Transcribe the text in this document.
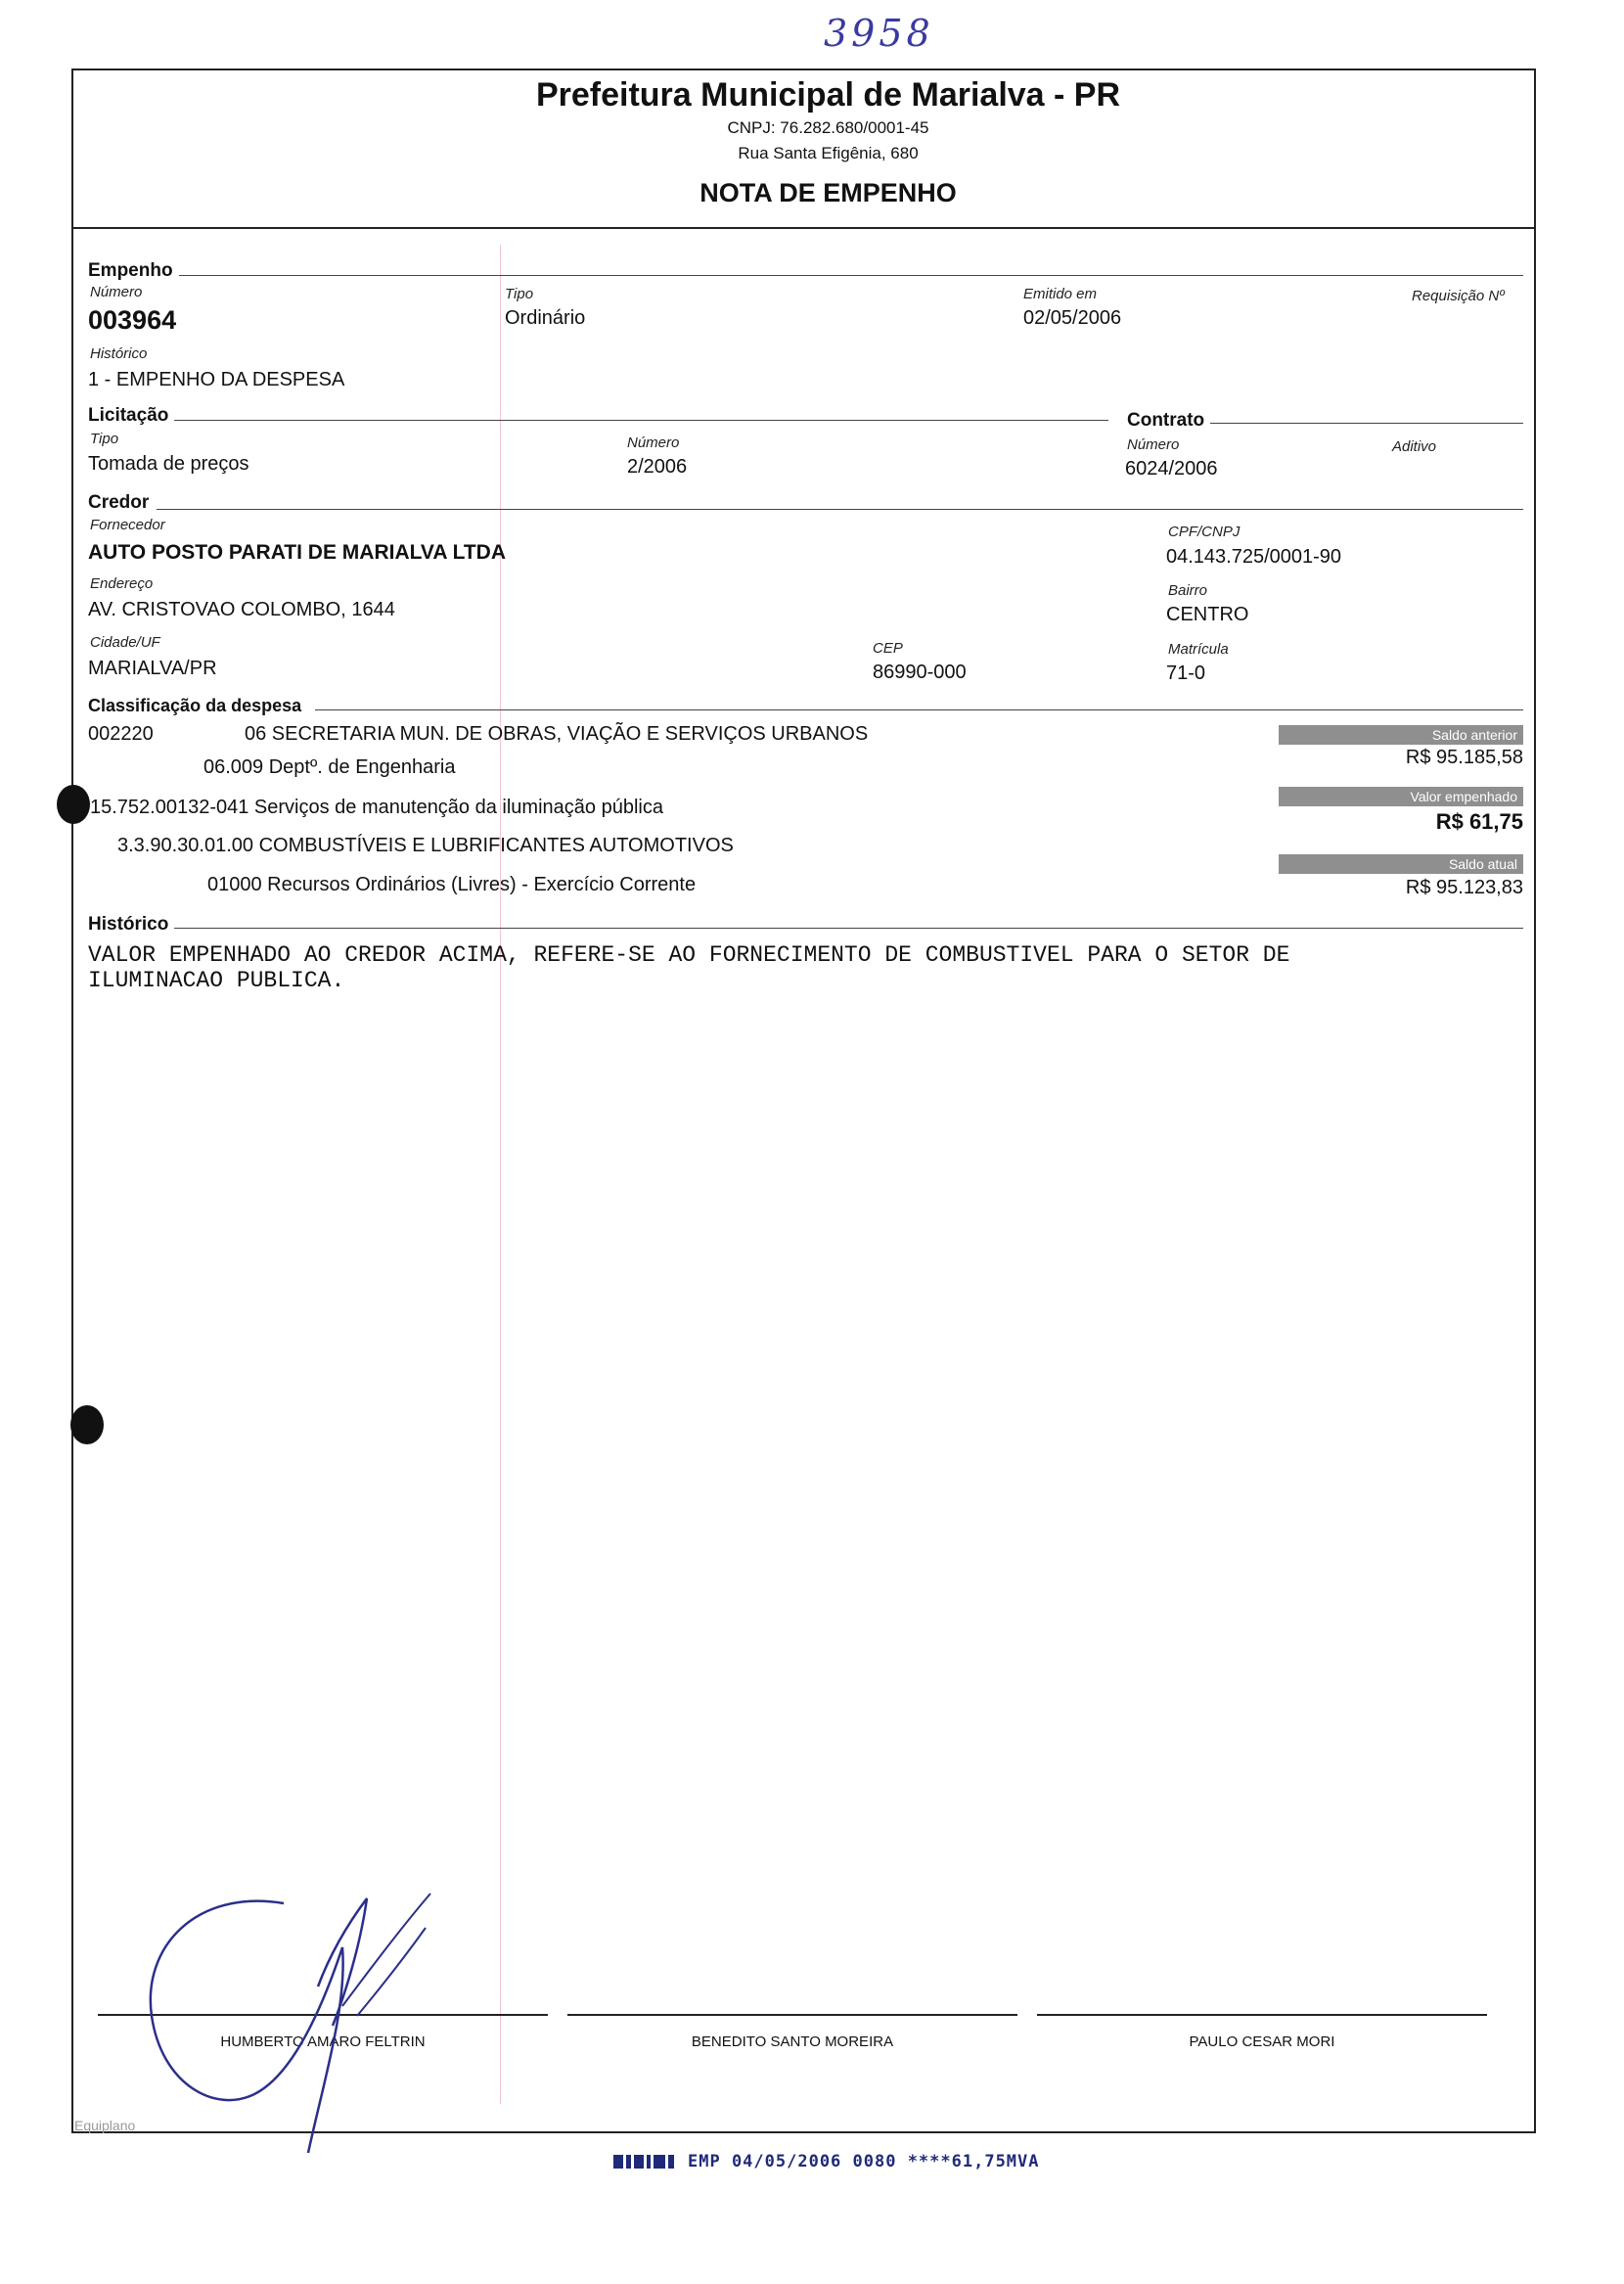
3958
Prefeitura Municipal de Marialva - PR
CNPJ: 76.282.680/0001-45
Rua Santa Efigênia, 680
NOTA DE EMPENHO
Empenho
Número
003964
Tipo
Ordinário
Emitido em
02/05/2006
Requisição Nº
Histórico
1 - EMPENHO DA DESPESA
Licitação	Contrato
Tipo
Tomada de preços
Número
2/2006
Número
6024/2006
Aditivo
Credor
Fornecedor
AUTO POSTO PARATI DE MARIALVA LTDA
CPF/CNPJ
04.143.725/0001-90
Endereço
AV. CRISTOVAO COLOMBO, 1644
Bairro
CENTRO
Cidade/UF
MARIALVA/PR
CEP
86990-000
Matrícula
71-0
Classificação da despesa
002220	06 SECRETARIA MUN. DE OBRAS, VIAÇÃO E SERVIÇOS URBANOS
06.009 Deptº. de Engenharia
15.752.00132-041 Serviços de manutenção da iluminação pública
3.3.90.30.01.00 COMBUSTÍVEIS E LUBRIFICANTES AUTOMOTIVOS
01000 Recursos Ordinários (Livres) - Exercício Corrente
Saldo anterior
R$ 95.185,58
Valor empenhado
R$ 61,75
Saldo atual
R$ 95.123,83
Histórico
VALOR EMPENHADO AO CREDOR ACIMA, REFERE-SE AO FORNECIMENTO DE COMBUSTIVEL PARA O SETOR DE
ILUMINACAO PUBLICA.
HUMBERTO AMARO FELTRIN	BENEDITO SANTO MOREIRA	PAULO CESAR MORI
Equiplano
EMP 04/05/2006 0080 ****61,75MVA
